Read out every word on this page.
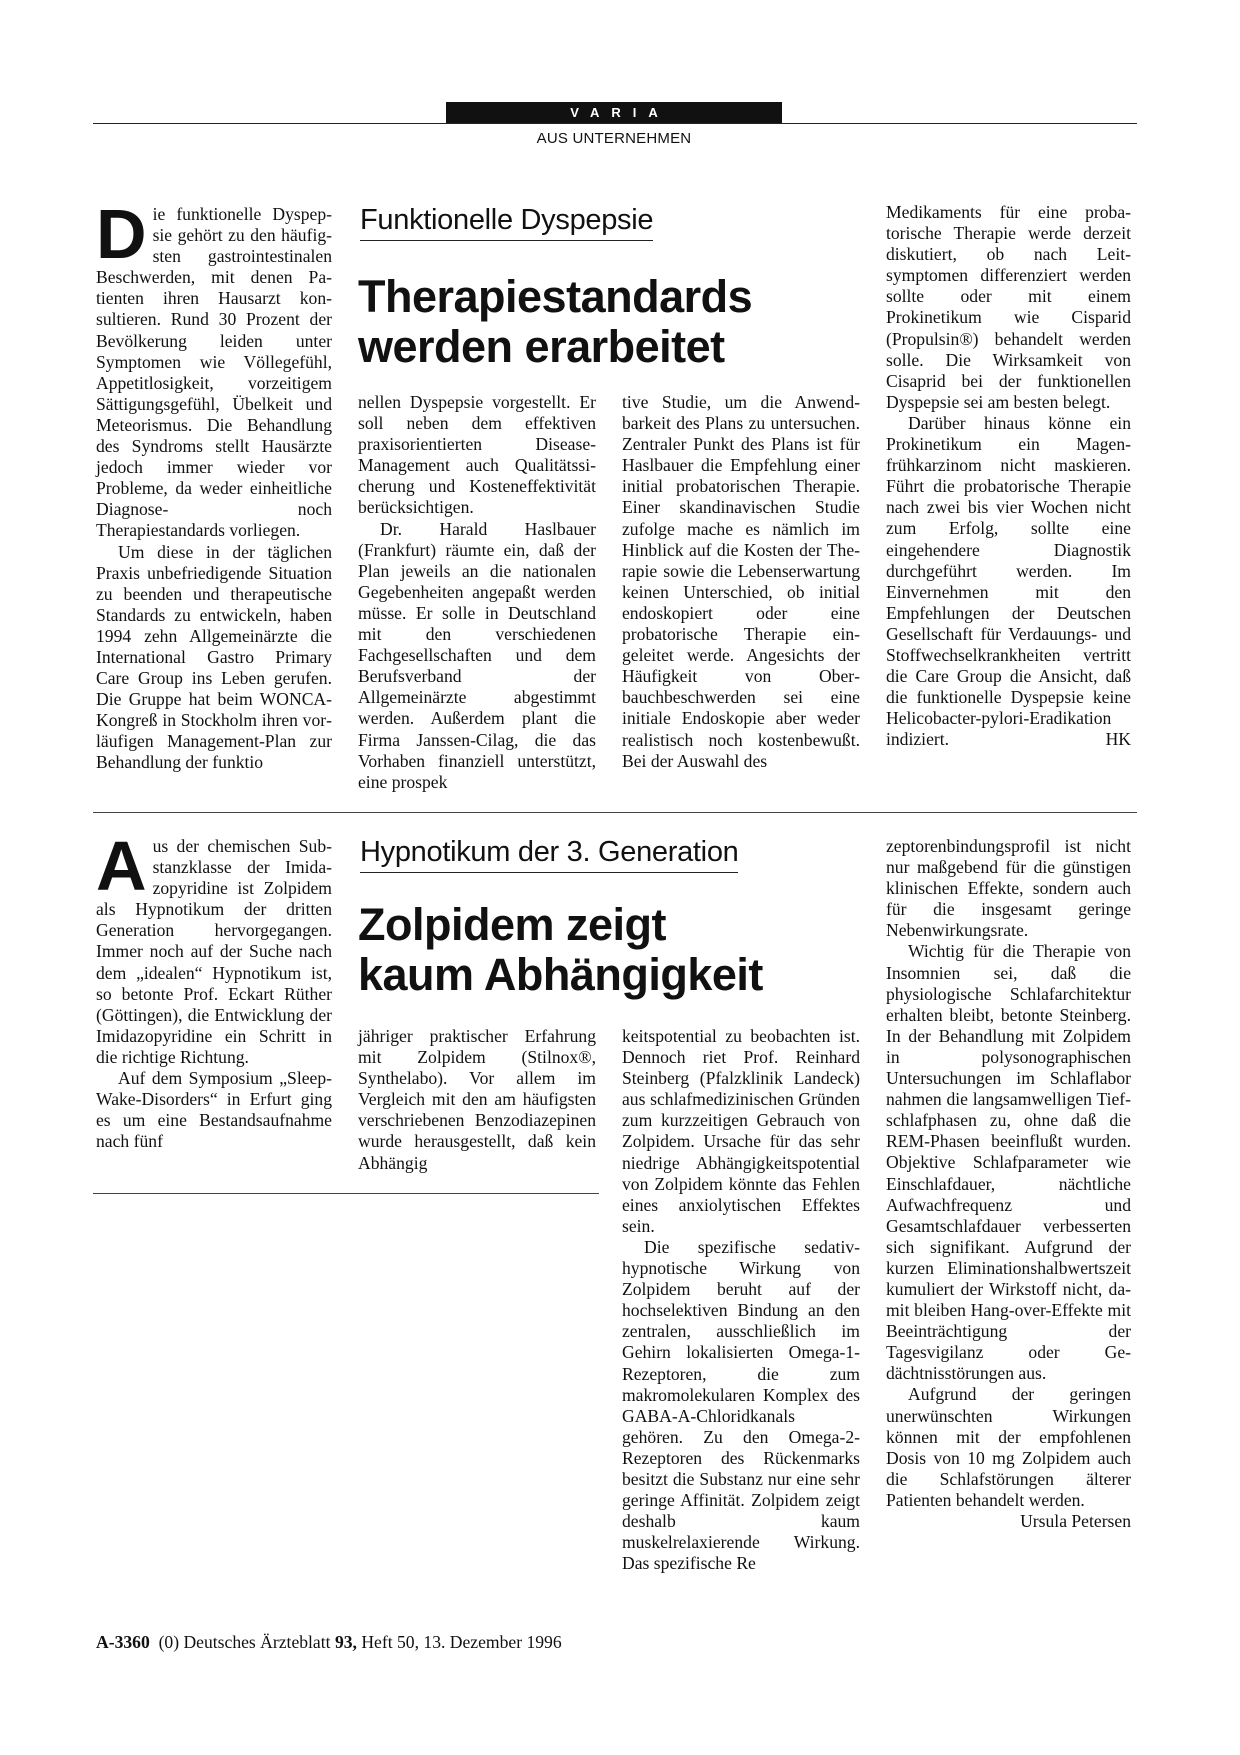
VARIA
AUS UNTERNEHMEN
Funktionelle Dyspepsie
Therapiestandards
werden erarbeitet
D ie funktionelle Dyspepsie gehört zu den häufigsten gastrointestinalen Beschwerden, mit denen Patienten ihren Hausarzt konsultieren. Rund 30 Prozent der Bevölkerung leiden unter Symptomen wie Völlegefühl, Appetitlosigkeit, vorzeitigem Sättigungsgefühl, Übelkeit und Meteorismus. Die Behandlung des Syndroms stellt Hausärzte jedoch immer wieder vor Probleme, da weder einheitliche Diagnose- noch Therapiestandards vorliegen.

Um diese in der täglichen Praxis unbefriedigende Situation zu beenden und therapeutische Standards zu entwickeln, haben 1994 zehn Allgemeinärzte die International Gastro Primary Care Group ins Leben gerufen. Die Gruppe hat beim WONCA-Kongreß in Stockholm ihren vorläufigen Management-Plan zur Behandlung der funktio

nellen Dyspepsie vorgestellt. Er soll neben dem effektiven praxisorientierten Disease-Management auch Qualitätssicherung und Kosteneffektivität berücksichtigen.

Dr. Harald Haslbauer (Frankfurt) räumte ein, daß der Plan jeweils an die nationalen Gegebenheiten angepaßt werden müsse. Er solle in Deutschland mit den verschiedenen Fachgesellschaften und dem Berufsverband der Allgemeinärzte abgestimmt werden. Außerdem plant die Firma Janssen-Cilag, die das Vorhaben finanziell unterstützt, eine prospek

tive Studie, um die Anwendbarkeit des Plans zu untersuchen. Zentraler Punkt des Plans ist für Haslbauer die Empfehlung einer initial probatorischen Therapie. Einer skandinavischen Studie zufolge mache es nämlich im Hinblick auf die Kosten der Therapie sowie die Lebenserwartung keinen Unterschied, ob initial endoskopiert oder eine probatorische Therapie eingeleitet werde. Angesichts der Häufigkeit von Oberbauchbeschwerden sei eine initiale Endoskopie aber weder realistisch noch kostenbewußt. Bei der Auswahl des

Medikaments für eine probatorische Therapie werde derzeit diskutiert, ob nach Leitsymptomen differenziert werden sollte oder mit einem Prokinetikum wie Cisparid (Propulsin®) behandelt werden solle. Die Wirksamkeit von Cisaprid bei der funktionellen Dyspepsie sei am besten belegt.

Darüber hinaus könne ein Prokinetikum ein Magenfrühkarzinom nicht maskieren. Führt die probatorische Therapie nach zwei bis vier Wochen nicht zum Erfolg, sollte eine eingehendere Diagnostik durchgeführt werden. Im Einvernehmen mit den Empfehlungen der Deutschen Gesellschaft für Verdauungs- und Stoffwechselkrankheiten vertritt die Care Group die Ansicht, daß die funktionelle Dyspepsie keine Helicobacter-pylori-Eradikation indiziert.	HK

Hypnotikum der 3. Generation
Zolpidem zeigt
kaum Abhängigkeit
A us der chemischen Substanzklasse der Imidazopyridine ist Zolpidem als Hypnotikum der dritten Generation hervorgegangen. Immer noch auf der Suche nach dem „idealen“ Hypnotikum ist, so betonte Prof. Eckart Rüther (Göttingen), die Entwicklung der Imidazopyridine ein Schritt in die richtige Richtung.

Auf dem Symposium „Sleep-Wake-Disorders“ in Erfurt ging es um eine Bestandsaufnahme nach fünf

jähriger praktischer Erfahrung mit Zolpidem (Stilnox®, Synthelabo). Vor allem im Vergleich mit den am häufigsten verschriebenen Benzodiazepinen wurde herausgestellt, daß kein Abhängig

keitspotential zu beobachten ist. Dennoch riet Prof. Reinhard Steinberg (Pfalzklinik Landeck) aus schlafmedizinischen Gründen zum kurzzeitigen Gebrauch von Zolpidem. Ursache für das sehr niedrige Abhängigkeitspotential von Zolpidem könnte das Fehlen eines anxiolytischen Effektes sein.

Die spezifische sedativ-hypnotische Wirkung von Zolpidem beruht auf der hochselektiven Bindung an den zentralen, ausschließlich im Gehirn lokalisierten Omega-1-Rezeptoren, die zum makromolekularen Komplex des GABA-A-Chloridkanals gehören. Zu den Omega-2-Rezeptoren des Rückenmarks besitzt die Substanz nur eine sehr geringe Affinität. Zolpidem zeigt deshalb kaum muskelrelaxierende Wirkung. Das spezifische Re

zeptorenbindungsprofil ist nicht nur maßgebend für die günstigen klinischen Effekte, sondern auch für die insgesamt geringe Nebenwirkungsrate.

Wichtig für die Therapie von Insomnien sei, daß die physiologische Schlafarchitektur erhalten bleibt, betonte Steinberg. In der Behandlung mit Zolpidem in polysonographischen Untersuchungen im Schlaflabor nahmen die langsamwelligen Tiefschlafphasen zu, ohne daß die REM-Phasen beeinflußt wurden. Objektive Schlafparameter wie Einschlafdauer, nächtliche Aufwachfrequenz und Gesamtschlafdauer verbesserten sich signifikant. Aufgrund der kurzen Eliminationshalbwertszeit kumuliert der Wirkstoff nicht, damit bleiben Hang-over-Effekte mit Beeinträchtigung der Tagesvigilanz oder Gedächtnisstörungen aus.

Aufgrund der geringen unerwünschten Wirkungen können mit der empfohlenen Dosis von 10 mg Zolpidem auch die Schlafstörungen älterer Patienten behandelt werden.
Ursula Petersen

A-3360 (0) Deutsches Ärzteblatt 93, Heft 50, 13. Dezember 1996
